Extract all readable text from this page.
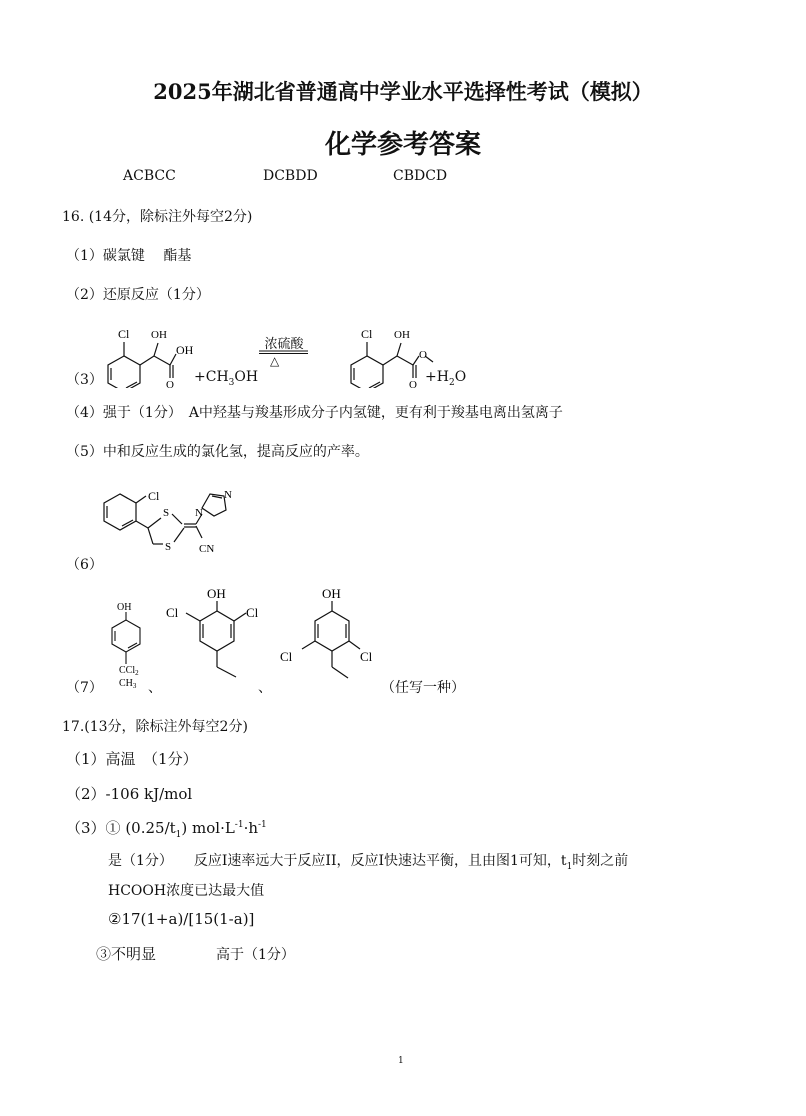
2025年湖北省普通高中学业水平选择性考试（模拟）
化学参考答案
ACBCC	DCBDD	CBDCD
16. (14分，除标注外每空2分)
（1）碳氯键　 酯基
（2）还原反应（1分）
（3）
Cl OH
OH
$O +CH_3OH$
浓硫酸
△
Cl OH
O
$O +H_2O$
（4）强于（1分）　A中羟基与羧基形成分子内氢键，更有利于羧基电离出氢离子
（5）中和反应生成的氯化氢，提高反应的产率。
Cl
S
S
N
N
CN
（6）
（7）
OH
CCl$_2$
$CH_3$ 、
OH
Cl	Cl
、
OH
Cl	Cl
（任写一种）
17.(13分，除标注外每空2分)
（1）高温　（1分）
（2）-106 kJ/mol
（3）① $(0.25/t_1)$ $mol\cdot L^{-1}\cdot h^{-1}$
是（1分）　　反应I速率远大于反应II，反应I快速达平衡，且由图1可知，$t_1$时刻之前
HCOOH浓度已达最大值
②17(1+a)/[15(1-a)]
③不明显	高于（1分）
1
